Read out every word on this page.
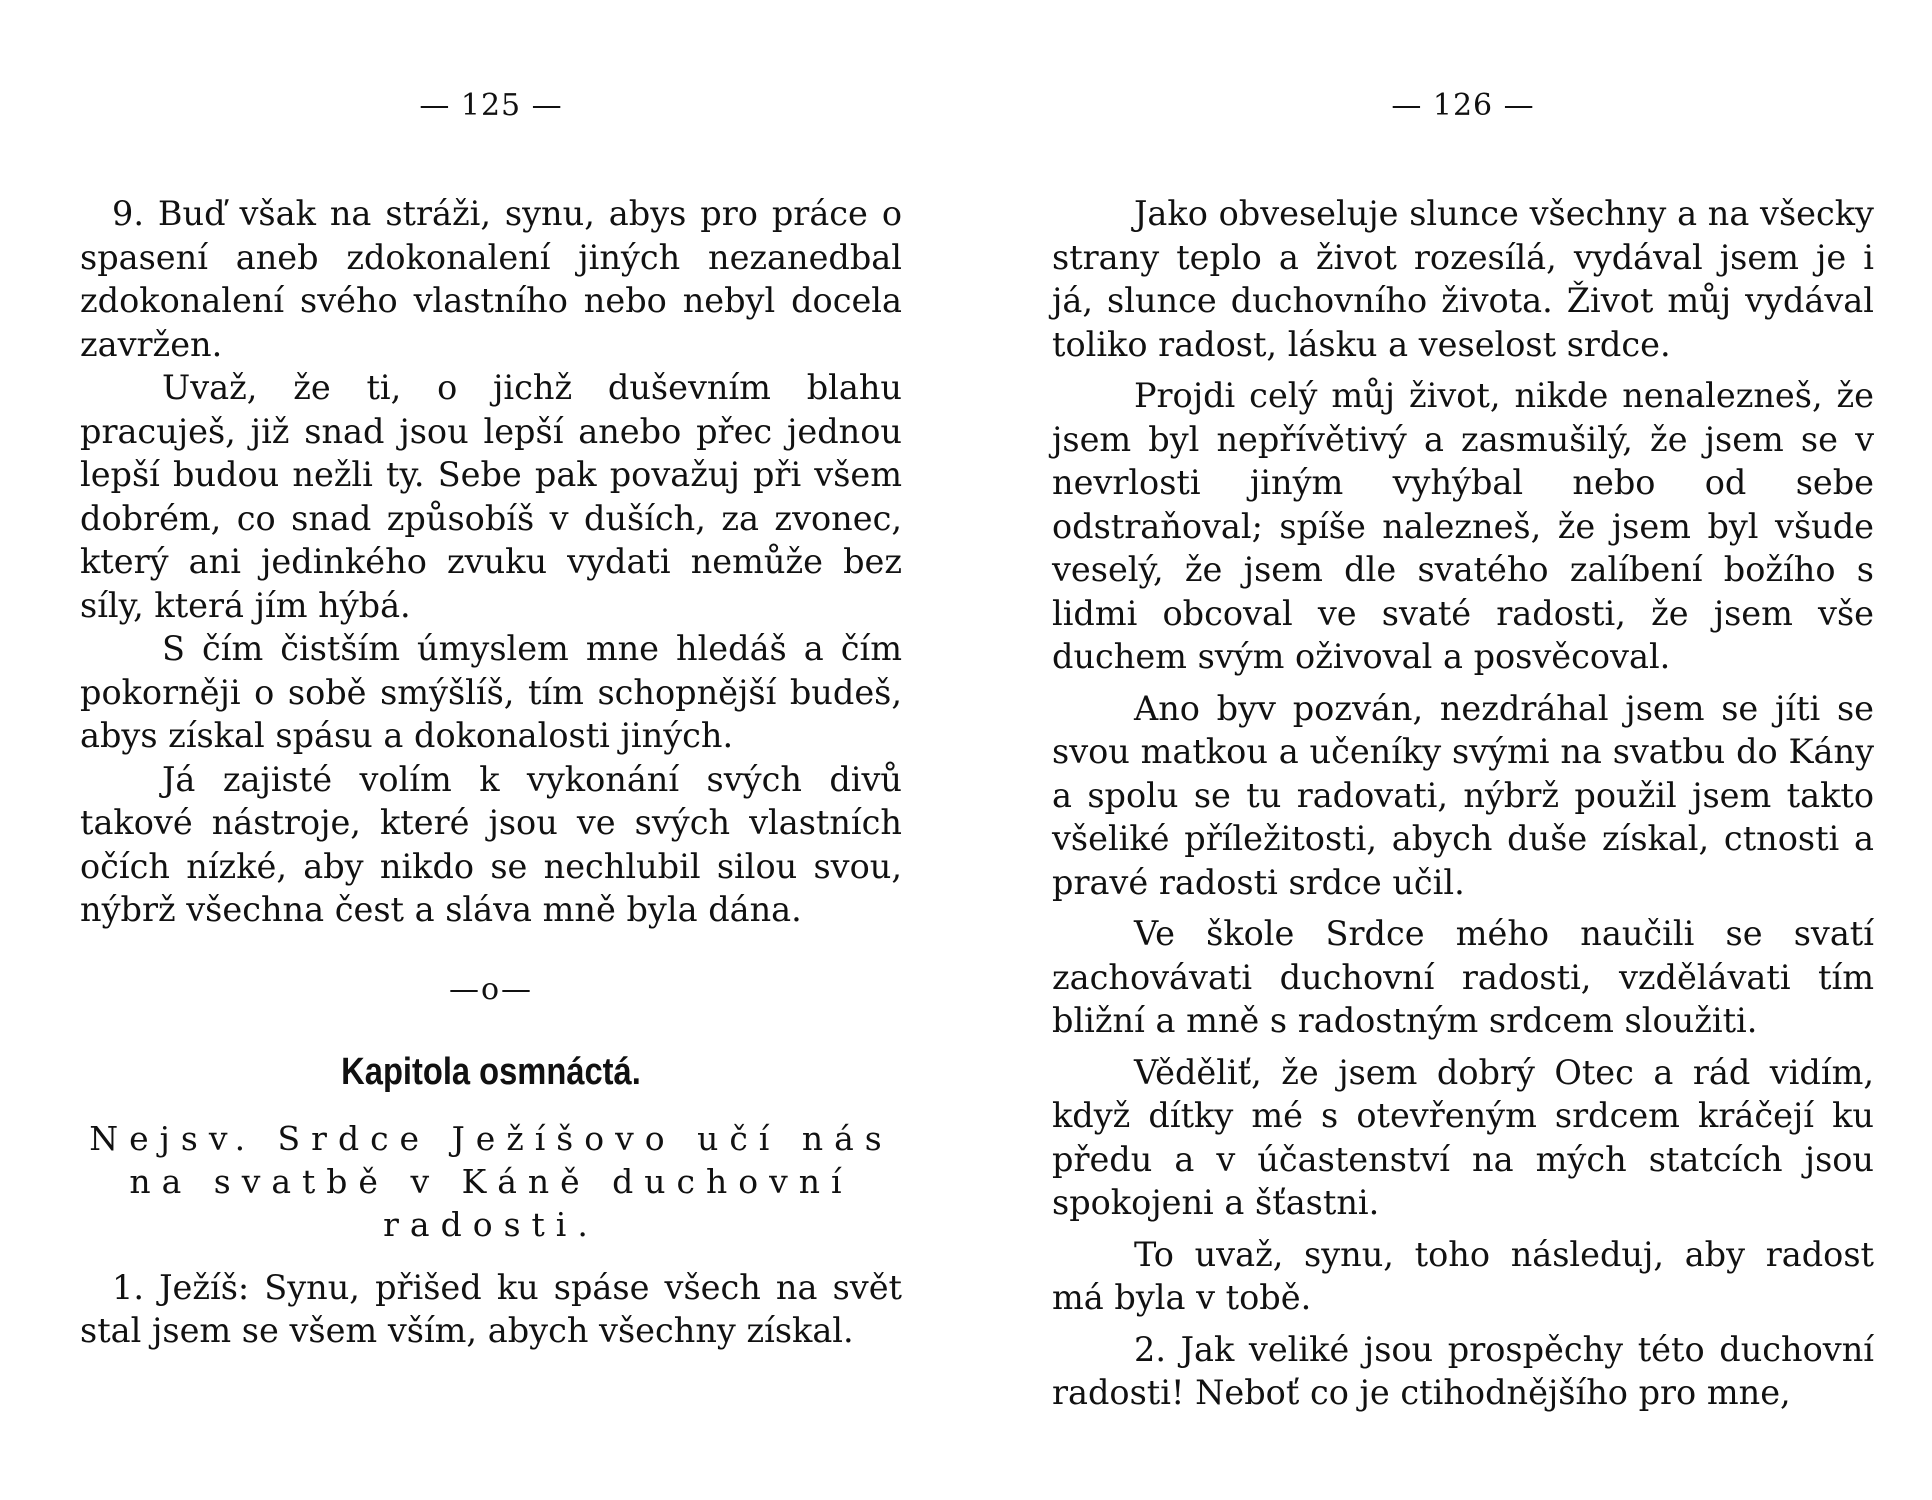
— 125 —

9. Buď však na stráži, synu, abys pro práce o spasení aneb zdokonalení jiných nezanedbal zdokonalení svého vlastního nebo nebyl docela zavržen.

Uvaž, že ti, o jichž duševním blahu pracuješ, již snad jsou lepší anebo přec jednou lepší budou nežli ty. Sebe pak považuj při všem dobrém, co snad způsobíš v duších, za zvonec, který ani jedinkého zvuku vydati nemůže bez síly, která jím hýbá.

S čím čistším úmyslem mne hledáš a čím pokorněji o sobě smýšlíš, tím schopnější budeš, abys získal spásu a dokonalosti jiných.

Já zajisté volím k vykonání svých divů takové nástroje, které jsou ve svých vlastních očích nízké, aby nikdo se nechlubil silou svou, nýbrž všechna čest a sláva mně byla dána.

—o—
Kapitola osmnáctá.
Nejsv. Srdce Ježíšovo učí nás na svatbě v Káně duchovní radosti.

1. Ježíš: Synu, přišed ku spáse všech na svět stal jsem se všem vším, abych všechny získal.

— 126 —

Jako obveseluje slunce všechny a na všecky strany teplo a život rozesílá, vydával jsem je i já, slunce duchovního života. Život můj vydával toliko radost, lásku a veselost srdce.

Projdi celý můj život, nikde nenalezneš, že jsem byl nepřívětivý a zasmušilý, že jsem se v nevrlosti jiným vyhýbal nebo od sebe odstraňoval; spíše nalezneš, že jsem byl všude veselý, že jsem dle svatého zalíbení božího s lidmi obcoval ve svaté radosti, že jsem vše duchem svým oživoval a posvěcoval.

Ano byv pozván, nezdráhal jsem se jíti se svou matkou a učeníky svými na svatbu do Kány a spolu se tu radovati, nýbrž použil jsem takto všeliké příležitosti, abych duše získal, ctnosti a pravé radosti srdce učil.

Ve škole Srdce mého naučili se svatí zachovávati duchovní radosti, vzdělávati tím bližní a mně s radostným srdcem sloužiti.

Věděliť, že jsem dobrý Otec a rád vidím, když dítky mé s otevřeným srdcem kráčejí ku předu a v účastenství na mých statcích jsou spokojeni a šťastni.

To uvaž, synu, toho následuj, aby radost má byla v tobě.

2. Jak veliké jsou prospěchy této duchovní radosti! Neboť co je ctihodnějšího pro mne,
